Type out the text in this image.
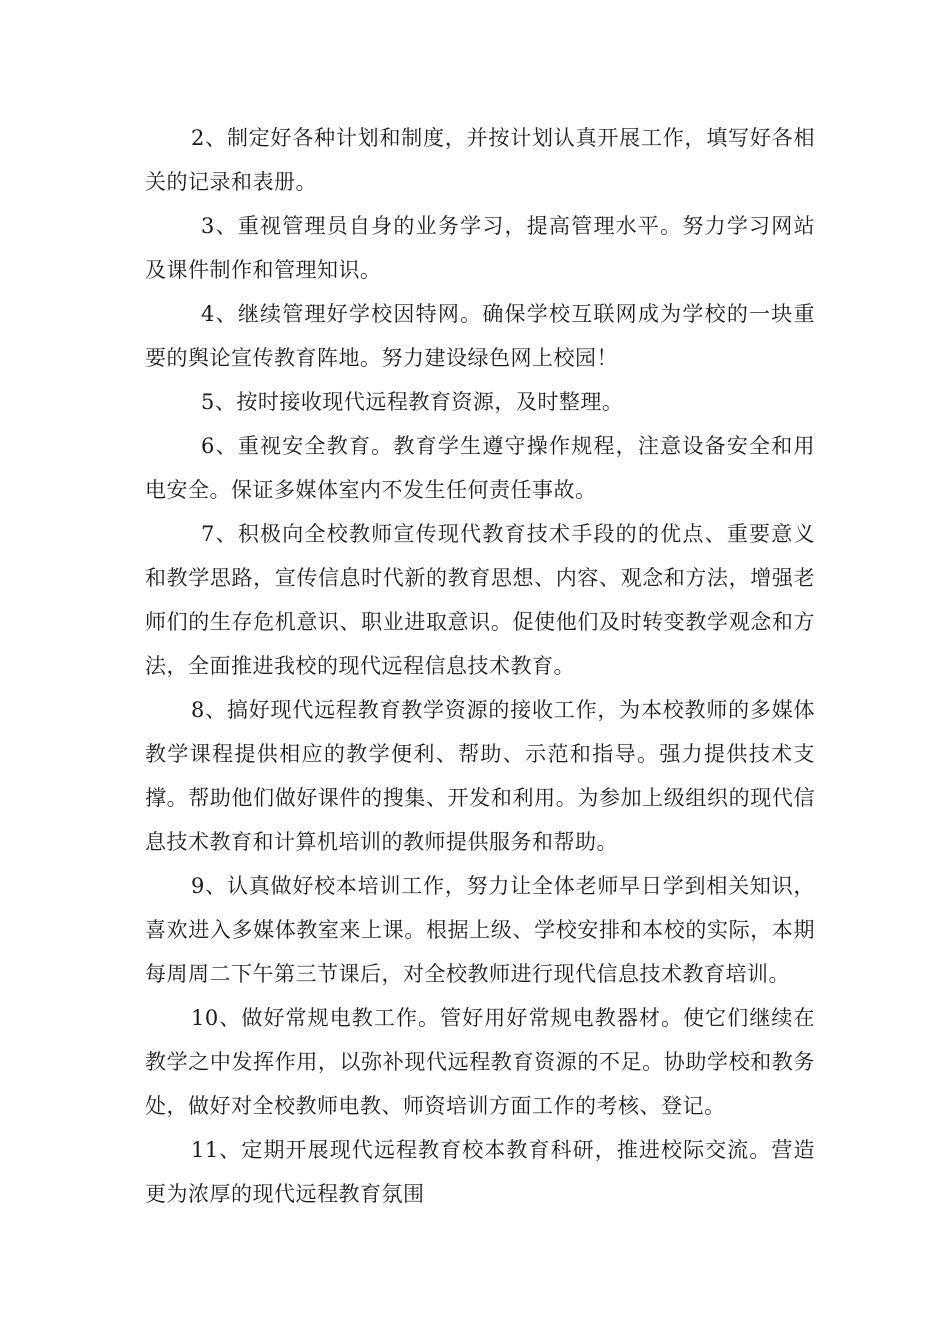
2、制定好各种计划和制度，并按计划认真开展工作，填写好各相关的记录和表册。

3、重视管理员自身的业务学习，提高管理水平。努力学习网站及课件制作和管理知识。

4、继续管理好学校因特网。确保学校互联网成为学校的一块重要的舆论宣传教育阵地。努力建设绿色网上校园！

5、按时接收现代远程教育资源，及时整理。

6、重视安全教育。教育学生遵守操作规程，注意设备安全和用电安全。保证多媒体室内不发生任何责任事故。

7、积极向全校教师宣传现代教育技术手段的的优点、重要意义和教学思路，宣传信息时代新的教育思想、内容、观念和方法，增强老师们的生存危机意识、职业进取意识。促使他们及时转变教学观念和方法，全面推进我校的现代远程信息技术教育。

8、搞好现代远程教育教学资源的接收工作，为本校教师的多媒体教学课程提供相应的教学便利、帮助、示范和指导。强力提供技术支撑。帮助他们做好课件的搜集、开发和利用。为参加上级组织的现代信息技术教育和计算机培训的教师提供服务和帮助。

9、认真做好校本培训工作，努力让全体老师早日学到相关知识，喜欢进入多媒体教室来上课。根据上级、学校安排和本校的实际，本期每周周二下午第三节课后，对全校教师进行现代信息技术教育培训。

10、做好常规电教工作。管好用好常规电教器材。使它们继续在教学之中发挥作用，以弥补现代远程教育资源的不足。协助学校和教务处，做好对全校教师电教、师资培训方面工作的考核、登记。

11、定期开展现代远程教育校本教育科研，推进校际交流。营造更为浓厚的现代远程教育氛围
